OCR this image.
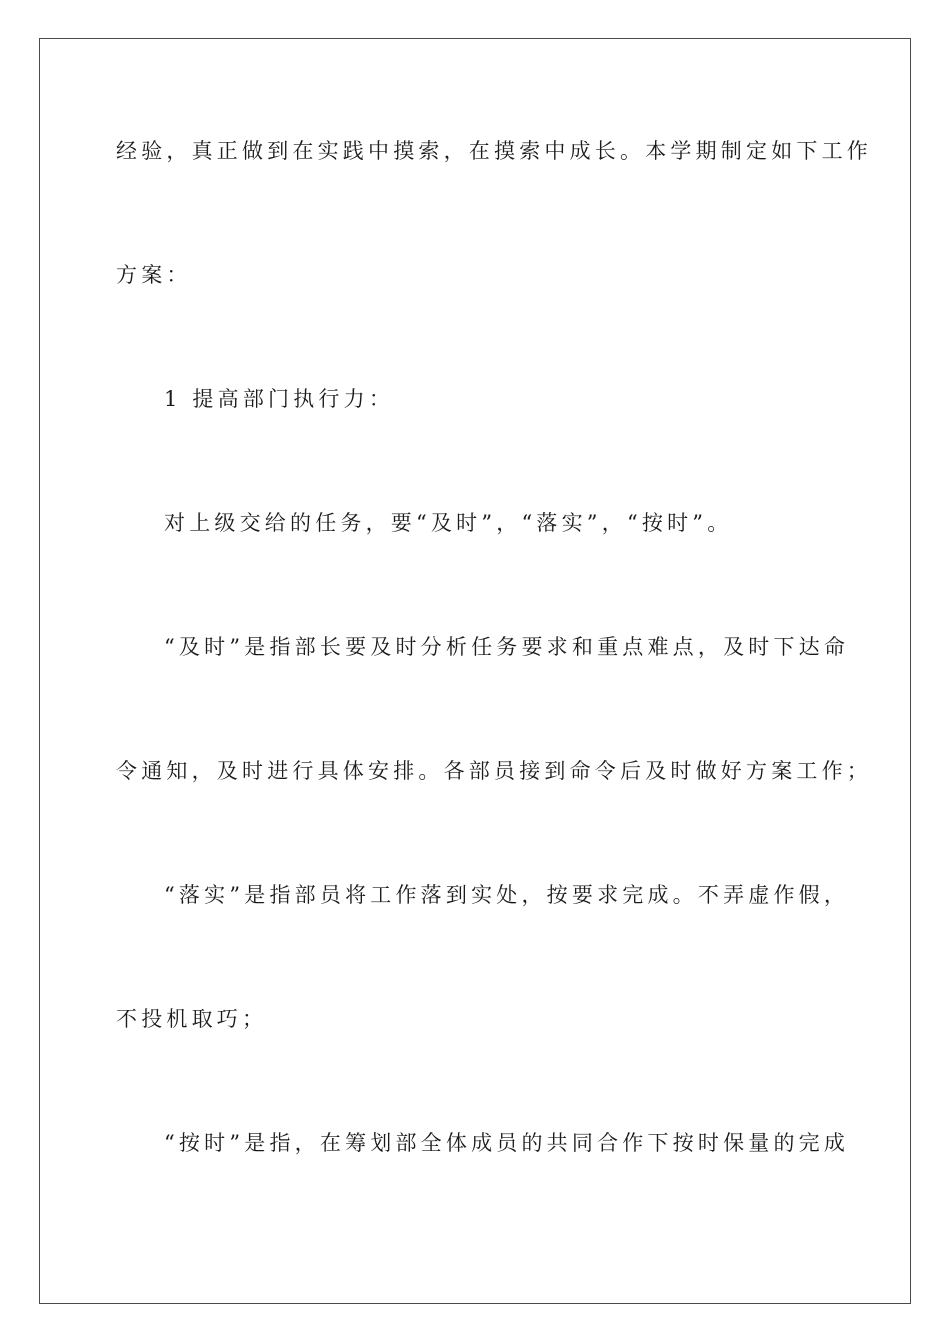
经验，真正做到在实践中摸索，在摸索中成长。本学期制定如下工作
方案：
1 提高部门执行力：
对上级交给的任务，要“及时”，“落实”，“按时”。
“及时”是指部长要及时分析任务要求和重点难点，及时下达命
令通知，及时进行具体安排。各部员接到命令后及时做好方案工作；
“落实”是指部员将工作落到实处，按要求完成。不弄虚作假，
不投机取巧；
“按时”是指，在筹划部全体成员的共同合作下按时保量的完成
